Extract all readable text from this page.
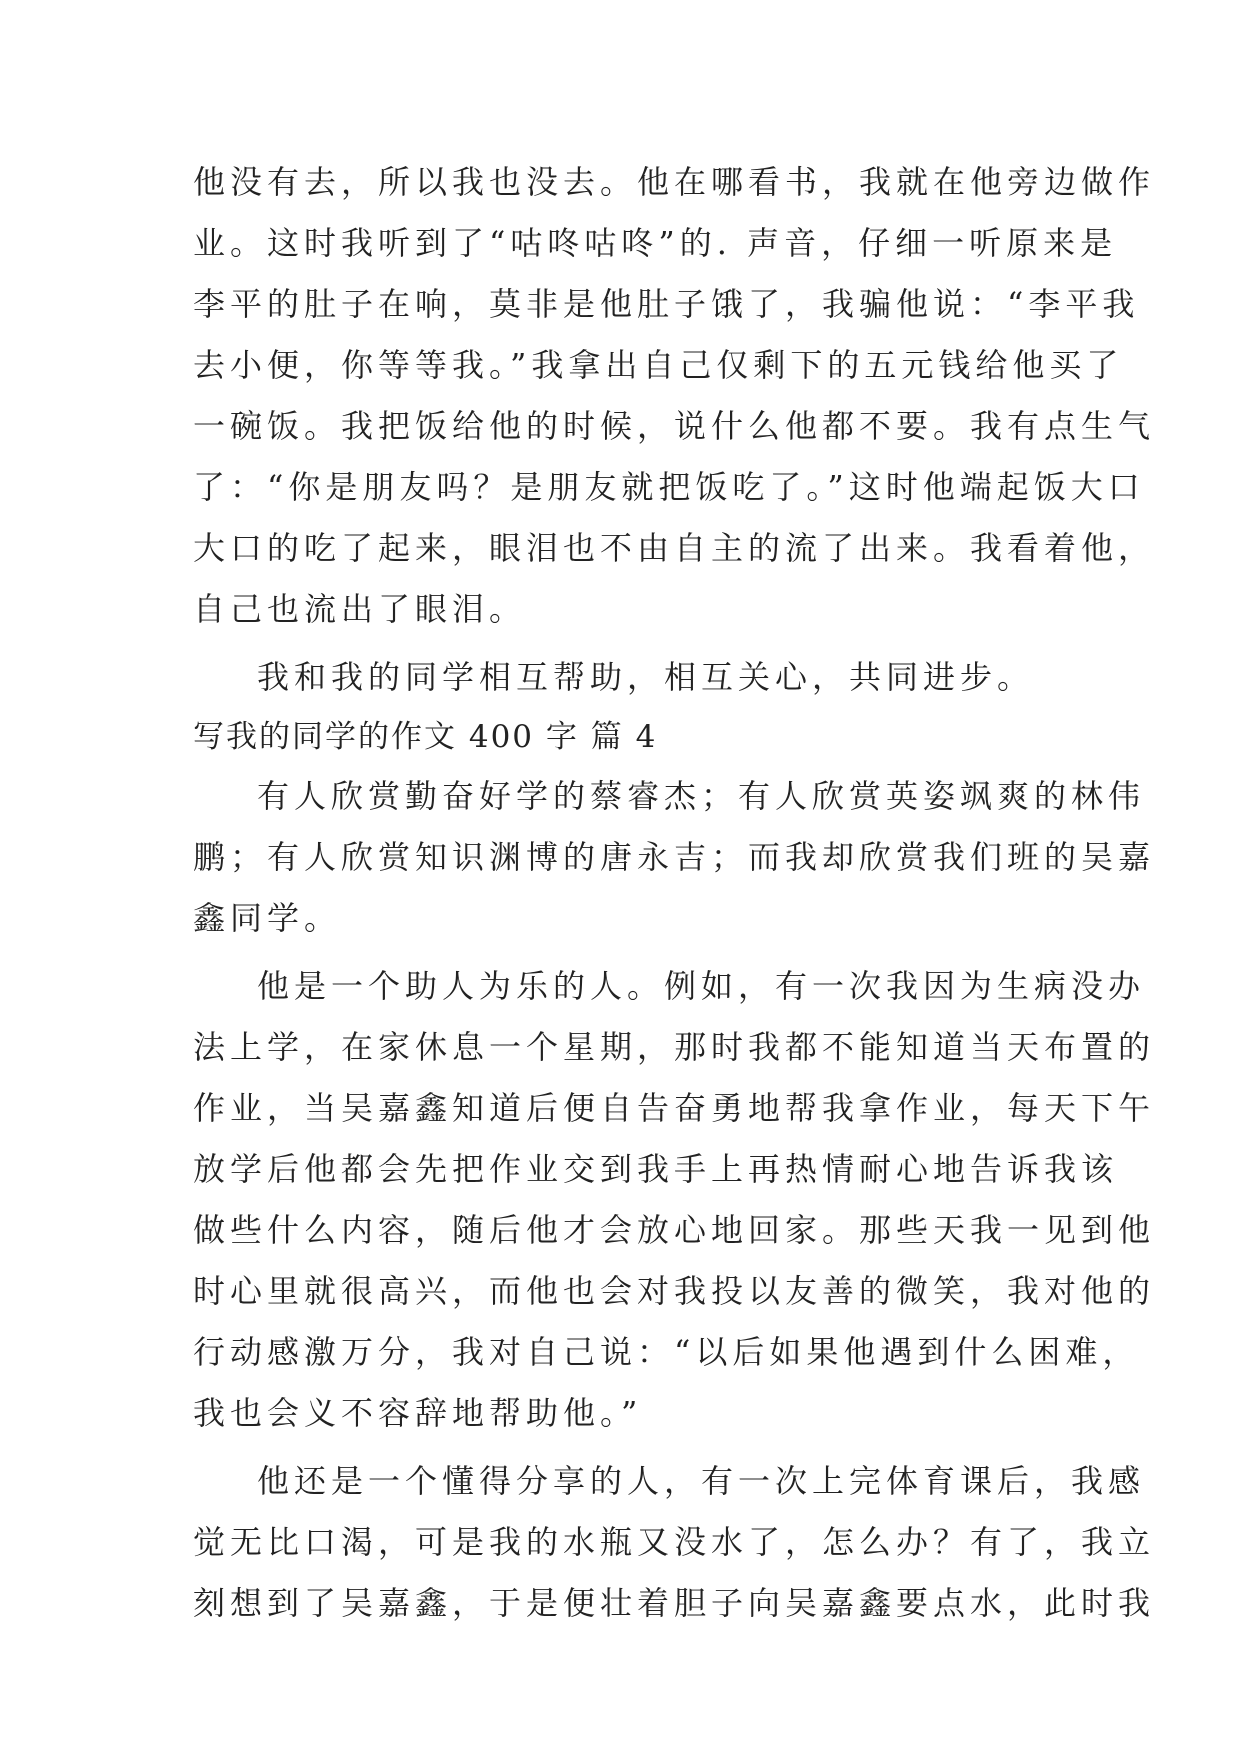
他没有去，所以我也没去。他在哪看书，我就在他旁边做作
业。这时我听到了“咕咚咕咚”的. 声音，仔细一听原来是
李平的肚子在响，莫非是他肚子饿了，我骗他说：“李平我
去小便，你等等我。”我拿出自己仅剩下的五元钱给他买了
一碗饭。我把饭给他的时候，说什么他都不要。我有点生气
了：“你是朋友吗？是朋友就把饭吃了。”这时他端起饭大口
大口的吃了起来，眼泪也不由自主的流了出来。我看着他，
自己也流出了眼泪。
我和我的同学相互帮助，相互关心，共同进步。
写我的同学的作文 400 字 篇 4
有人欣赏勤奋好学的蔡睿杰；有人欣赏英姿飒爽的林伟
鹏；有人欣赏知识渊博的唐永吉；而我却欣赏我们班的吴嘉
鑫同学。
他是一个助人为乐的人。例如，有一次我因为生病没办
法上学，在家休息一个星期，那时我都不能知道当天布置的
作业，当吴嘉鑫知道后便自告奋勇地帮我拿作业，每天下午
放学后他都会先把作业交到我手上再热情耐心地告诉我该
做些什么内容，随后他才会放心地回家。那些天我一见到他
时心里就很高兴，而他也会对我投以友善的微笑，我对他的
行动感激万分，我对自己说：“以后如果他遇到什么困难，
我也会义不容辞地帮助他。”
他还是一个懂得分享的人，有一次上完体育课后，我感
觉无比口渴，可是我的水瓶又没水了，怎么办？有了，我立
刻想到了吴嘉鑫，于是便壮着胆子向吴嘉鑫要点水，此时我
